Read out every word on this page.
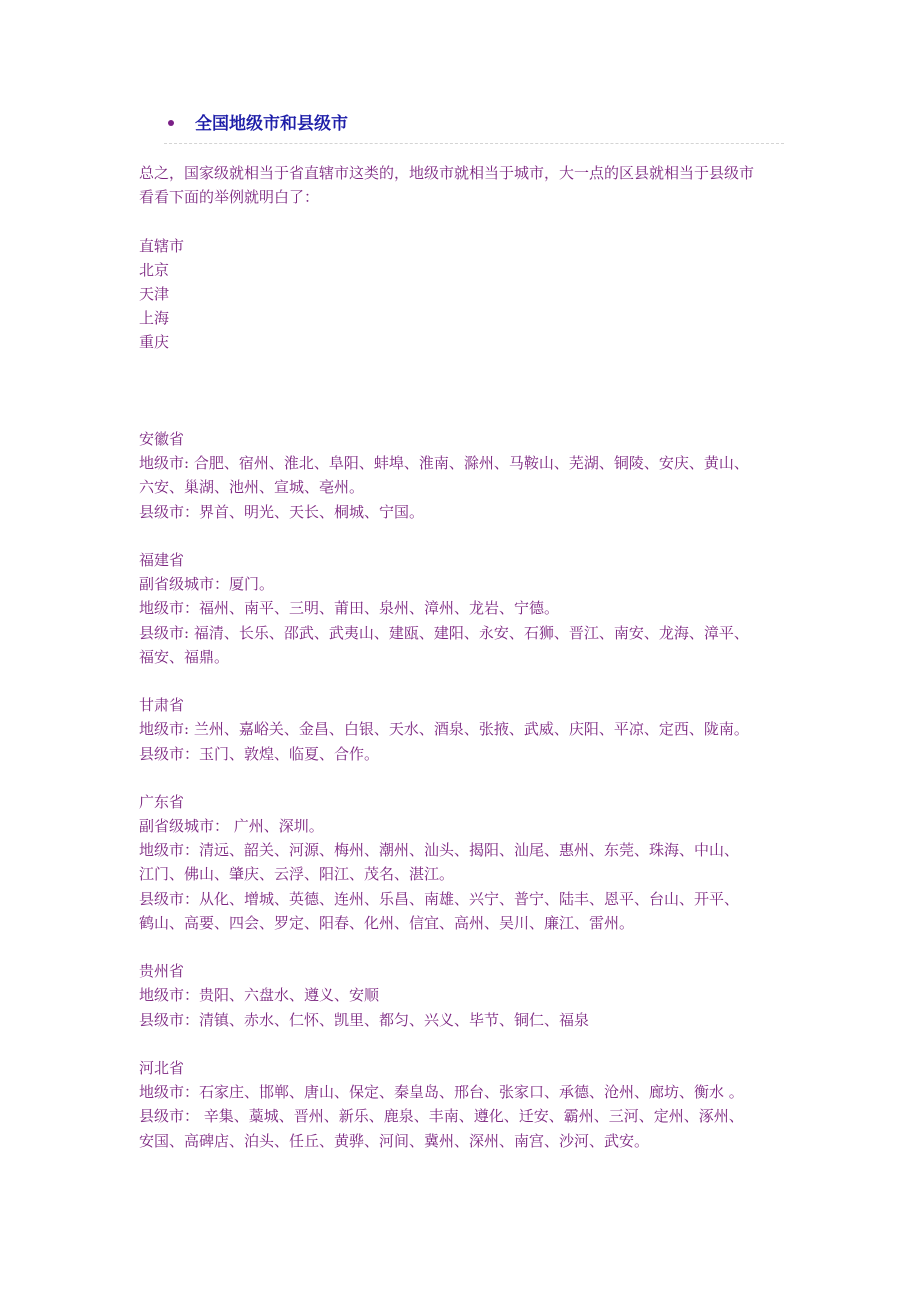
全国地级市和县级市
总之，国家级就相当于省直辖市这类的，地级市就相当于城市，大一点的区县就相当于县级市
看看下面的举例就明白了：
直辖市
北京
天津
上海
重庆
安徽省
地级市: 合肥、宿州、淮北、阜阳、蚌埠、淮南、滁州、马鞍山、芜湖、铜陵、安庆、黄山、
六安、巢湖、池州、宣城、亳州。
县级市：界首、明光、天长、桐城、宁国。
福建省
副省级城市：厦门。
地级市：福州、南平、三明、莆田、泉州、漳州、龙岩、宁德。
县级市: 福清、长乐、邵武、武夷山、建瓯、建阳、永安、石狮、晋江、南安、龙海、漳平、
福安、福鼎。
甘肃省
地级市: 兰州、嘉峪关、金昌、白银、天水、酒泉、张掖、武威、庆阳、平凉、定西、陇南。
县级市：玉门、敦煌、临夏、合作。
广东省
副省级城市： 广州、深圳。
地级市：清远、韶关、河源、梅州、潮州、汕头、揭阳、汕尾、惠州、东莞、珠海、中山、
江门、佛山、肇庆、云浮、阳江、茂名、湛江。
县级市：从化、增城、英德、连州、乐昌、南雄、兴宁、普宁、陆丰、恩平、台山、开平、
鹤山、高要、四会、罗定、阳春、化州、信宜、高州、吴川、廉江、雷州。
贵州省
地级市：贵阳、六盘水、遵义、安顺
县级市：清镇、赤水、仁怀、凯里、都匀、兴义、毕节、铜仁、福泉
河北省
地级市：石家庄、邯郸、唐山、保定、秦皇岛、邢台、张家口、承德、沧州、廊坊、衡水 。
县级市： 辛集、藁城、晋州、新乐、鹿泉、丰南、遵化、迁安、霸州、三河、定州、涿州、
安国、高碑店、泊头、任丘、黄骅、河间、冀州、深州、南宫、沙河、武安。
